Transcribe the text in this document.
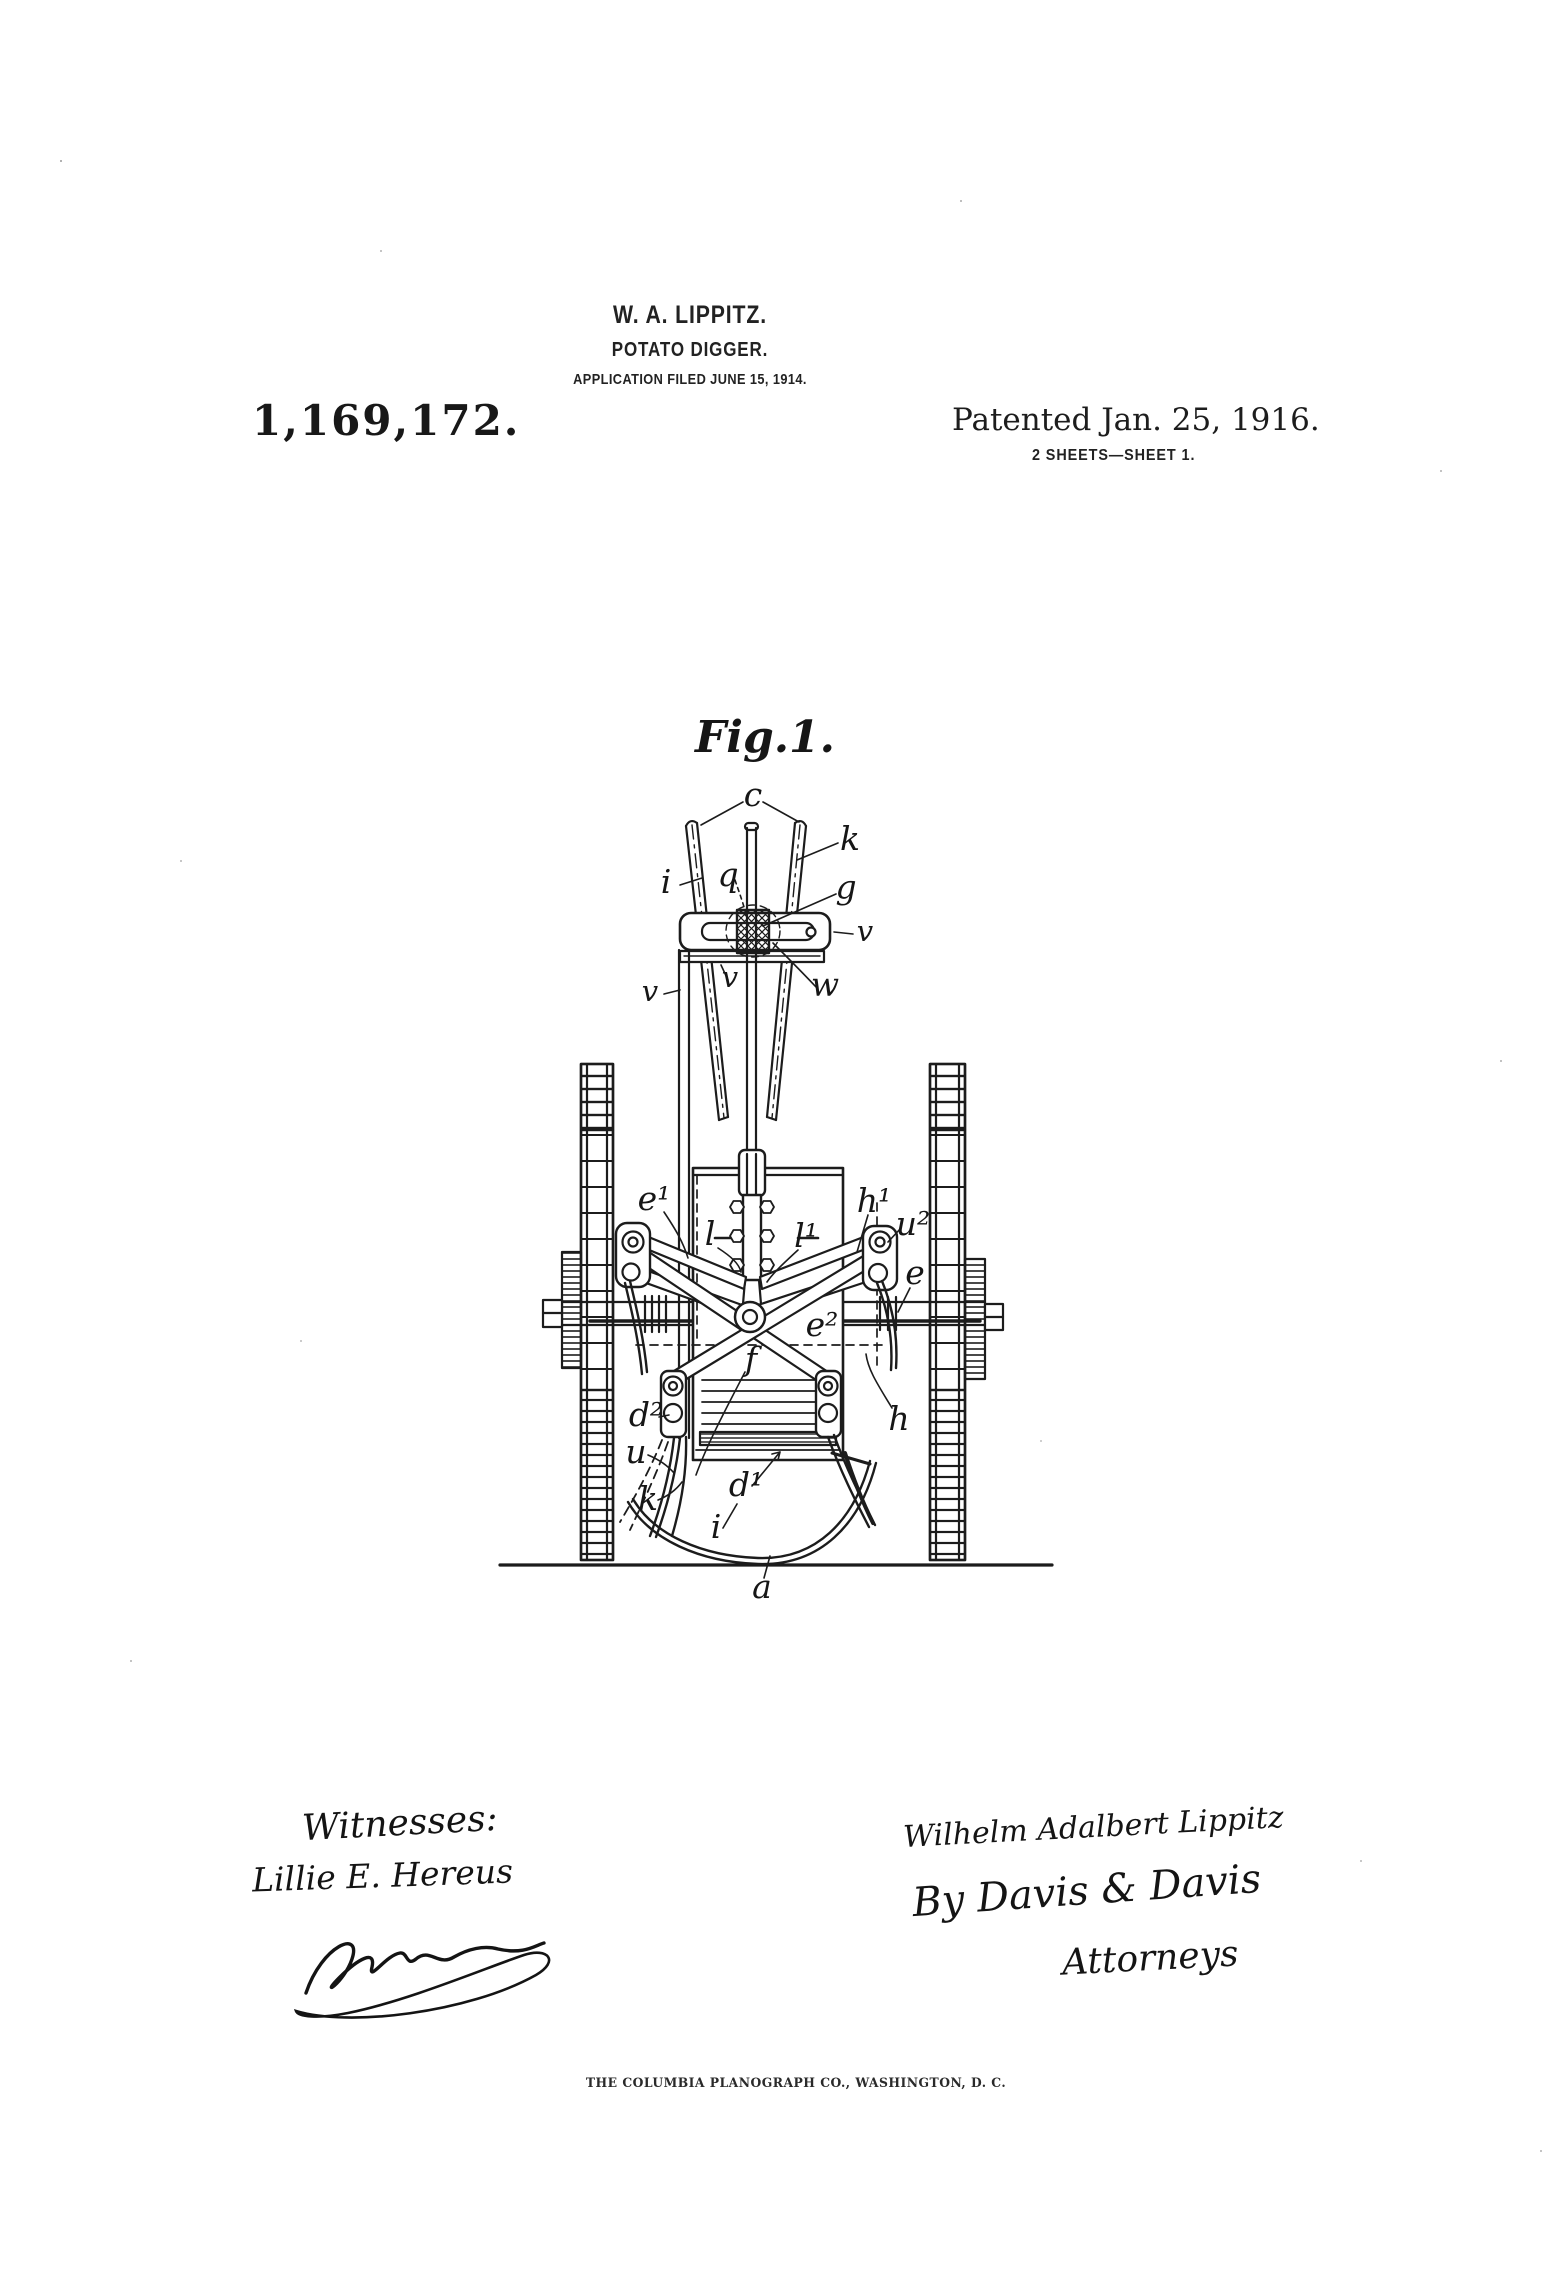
W. A. LIPPITZ.
POTATO DIGGER.
APPLICATION FILED JUNE 15, 1914.
1,169,172.	Patented Jan. 25, 1916.
2 SHEETS—SHEET 1.
Fig.1.
c
k
i q	g
v
w
v
v
e¹
l l¹
h¹
u²
e
e²
f
h
d²
u
k d¹
i
a
Witnesses:
Lillie E. Hereus
Wilhelm Adalbert Lippitz
By Davis & Davis
Attorneys
THE COLUMBIA PLANOGRAPH CO., WASHINGTON, D. C.
